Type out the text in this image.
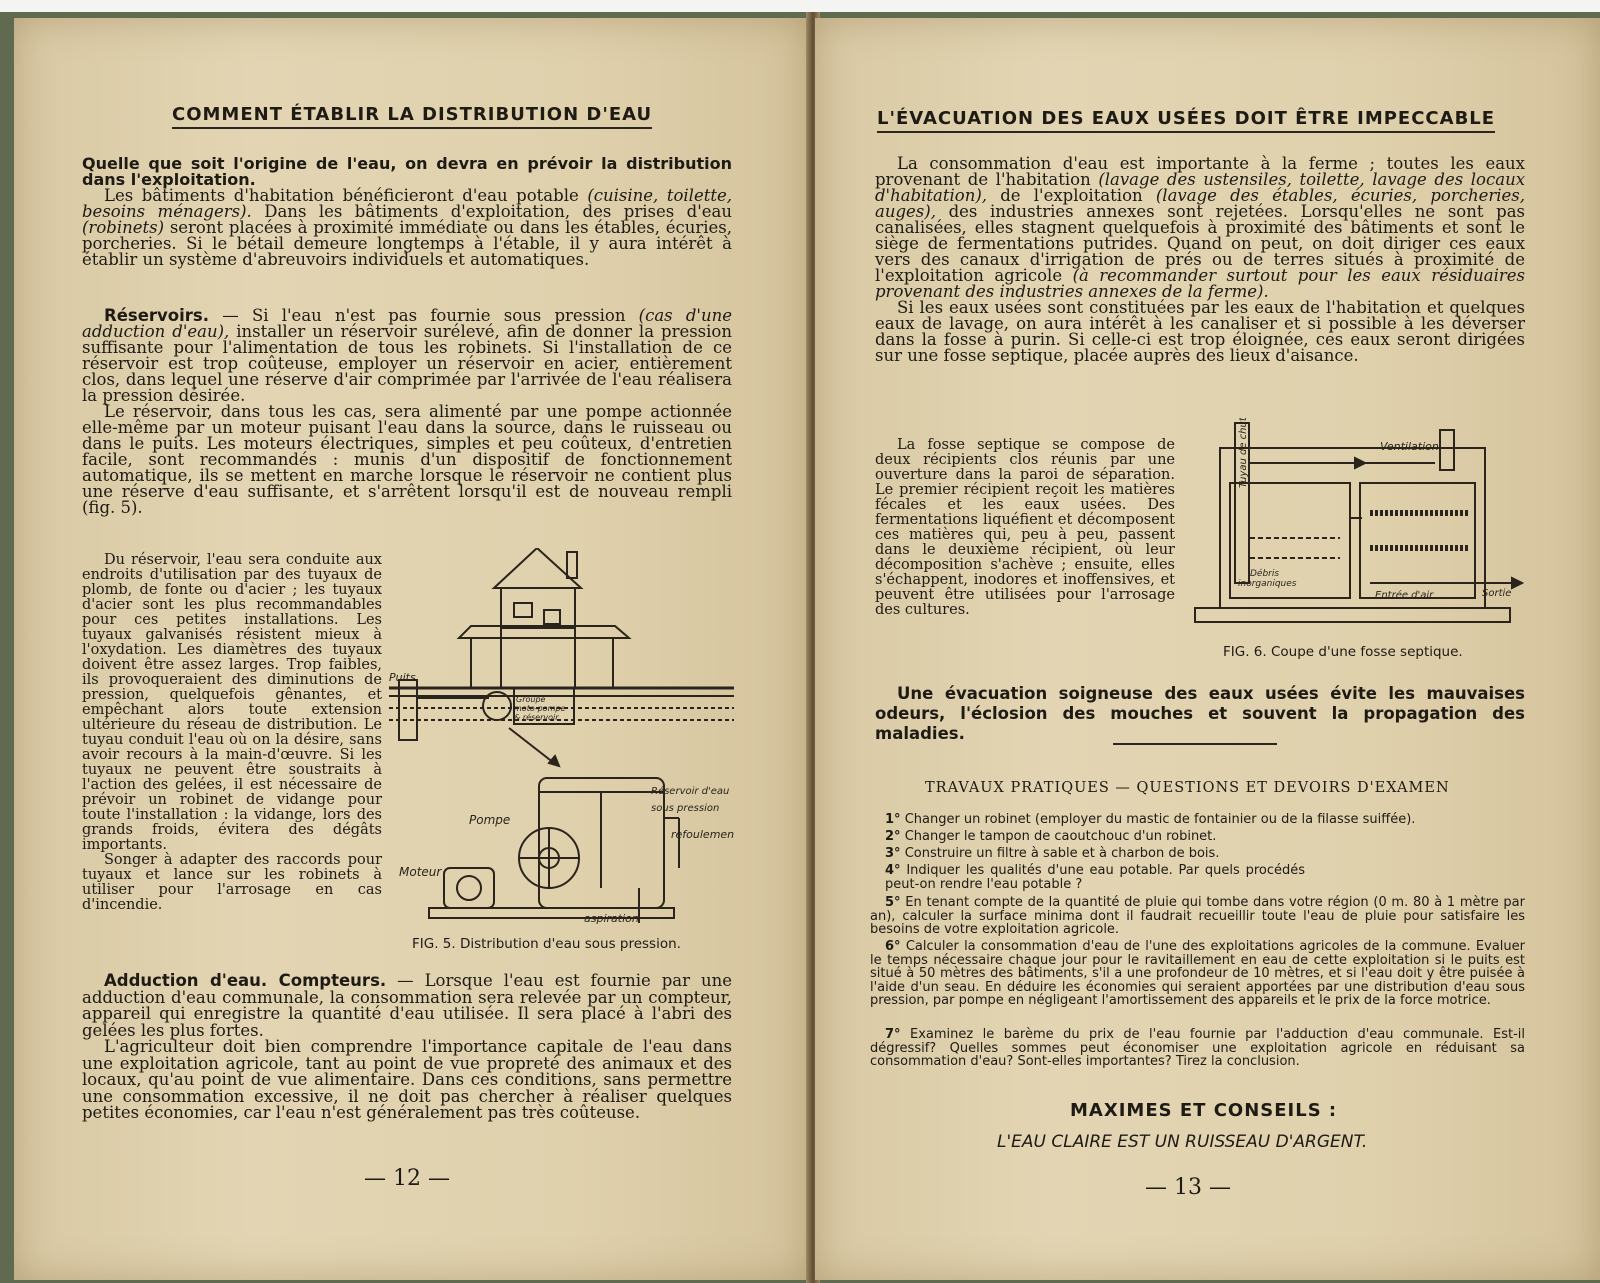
COMMENT ÉTABLIR LA DISTRIBUTION D'EAU
Quelle que soit l'origine de l'eau, on devra en prévoir la distribution dans l'exploitation.

Les bâtiments d'habitation bénéficieront d'eau potable (cuisine, toilette, besoins ménagers). Dans les bâtiments d'exploitation, des prises d'eau (robinets) seront placées à proximité immédiate ou dans les étables, écuries, porcheries. Si le bétail demeure longtemps à l'étable, il y aura intérêt à établir un système d'abreuvoirs individuels et automatiques.

Réservoirs. — Si l'eau n'est pas fournie sous pression (cas d'une adduction d'eau), installer un réservoir surélevé, afin de donner la pression suffisante pour l'alimentation de tous les robinets. Si l'installation de ce réservoir est trop coûteuse, employer un réservoir en acier, entièrement clos, dans lequel une réserve d'air comprimée par l'arrivée de l'eau réalisera la pression désirée.

Le réservoir, dans tous les cas, sera alimenté par une pompe actionnée elle-même par un moteur puisant l'eau dans la source, dans le ruisseau ou dans le puits. Les moteurs électriques, simples et peu coûteux, d'entretien facile, sont recommandés : munis d'un dispositif de fonctionnement automatique, ils se mettent en marche lorsque le réservoir ne contient plus une réserve d'eau suffisante, et s'arrêtent lorsqu'il est de nouveau rempli (fig. 5).

Du réservoir, l'eau sera conduite aux endroits d'utilisation par des tuyaux de plomb, de fonte ou d'acier ; les tuyaux d'acier sont les plus recommandables pour ces petites installations. Les tuyaux galvanisés résistent mieux à l'oxydation. Les diamètres des tuyaux doivent être assez larges. Trop faibles, ils provoqueraient des diminutions de pression, quelquefois gênantes, et empêchant alors toute extension ultérieure du réseau de distribution. Le tuyau conduit l'eau où on la désire, sans avoir recours à la main-d'œuvre. Si les tuyaux ne peuvent être soustraits à l'action des gelées, il est nécessaire de prévoir un robinet de vidange pour toute l'installation : la vidange, lors des grands froids, évitera des dégâts importants.

Songer à adapter des raccords pour tuyaux et lance sur les robinets à utiliser pour l'arrosage en cas d'incendie.

Puits
Groupe
moto-pompe
& réservoir
Pompe
Moteur
Réservoir d'eau
sous pression
refoulement
aspiration
FIG. 5. Distribution d'eau sous pression.

Adduction d'eau. Compteurs. — Lorsque l'eau est fournie par une adduction d'eau communale, la consommation sera relevée par un compteur, appareil qui enregistre la quantité d'eau utilisée. Il sera placé à l'abri des gelées les plus fortes.

L'agriculteur doit bien comprendre l'importance capitale de l'eau dans une exploitation agricole, tant au point de vue propreté des animaux et des locaux, qu'au point de vue alimentaire. Dans ces conditions, sans permettre une consommation excessive, il ne doit pas chercher à réaliser quelques petites économies, car l'eau n'est généralement pas très coûteuse.

— 12 —
L'ÉVACUATION DES EAUX USÉES DOIT ÊTRE IMPECCABLE

La consommation d'eau est importante à la ferme ; toutes les eaux provenant de l'habitation (lavage des ustensiles, toilette, lavage des locaux d'habitation), de l'exploitation (lavage des étables, écuries, porcheries, auges), des industries annexes sont rejetées. Lorsqu'elles ne sont pas canalisées, elles stagnent quelquefois à proximité des bâtiments et sont le siège de fermentations putrides. Quand on peut, on doit diriger ces eaux vers des canaux d'irrigation de prés ou de terres situés à proximité de l'exploitation agricole (à recommander surtout pour les eaux résiduaires provenant des industries annexes de la ferme).

Si les eaux usées sont constituées par les eaux de l'habitation et quelques eaux de lavage, on aura intérêt à les canaliser et si possible à les déverser dans la fosse à purin. Si celle-ci est trop éloignée, ces eaux seront dirigées sur une fosse septique, placée auprès des lieux d'aisance.

La fosse septique se compose de deux récipients clos réunis par une ouverture dans la paroi de séparation. Le premier récipient reçoit les matières fécales et les eaux usées. Des fermentations liquéfient et décomposent ces matières qui, peu à peu, passent dans le deuxième récipient, où leur décomposition s'achève ; ensuite, elles s'échappent, inodores et inoffensives, et peuvent être utilisées pour l'arrosage des cultures.

Tuyau de chute	Ventilation
Débris
inorganiques
Entrée d'air	Sortie
FIG. 6. Coupe d'une fosse septique.
Une évacuation soigneuse des eaux usées évite les mauvaises odeurs, l'éclosion des mouches et souvent la propagation des maladies.
TRAVAUX PRATIQUES — QUESTIONS ET DEVOIRS D'EXAMEN
1° Changer un robinet (employer du mastic de fontainier ou de la filasse suiffée).
2° Changer le tampon de caoutchouc d'un robinet.
3° Construire un filtre à sable et à charbon de bois.
4° Indiquer les qualités d'une eau potable. Par quels procédés peut-on rendre l'eau potable ?
5° En tenant compte de la quantité de pluie qui tombe dans votre région (0 m. 80 à 1 mètre par an), calculer la surface minima dont il faudrait recueillir toute l'eau de pluie pour satisfaire les besoins de votre exploitation agricole.
6° Calculer la consommation d'eau de l'une des exploitations agricoles de la commune. Evaluer le temps nécessaire chaque jour pour le ravitaillement en eau de cette exploitation si le puits est situé à 50 mètres des bâtiments, s'il a une profondeur de 10 mètres, et si l'eau doit y être puisée à l'aide d'un seau. En déduire les économies qui seraient apportées par une distribution d'eau sous pression, par pompe en négligeant l'amortissement des appareils et le prix de la force motrice.
7° Examinez le barème du prix de l'eau fournie par l'adduction d'eau communale. Est-il dégressif? Quelles sommes peut économiser une exploitation agricole en réduisant sa consommation d'eau? Sont-elles importantes? Tirez la conclusion.
MAXIMES ET CONSEILS :
L'EAU CLAIRE EST UN RUISSEAU D'ARGENT.
— 13 —
